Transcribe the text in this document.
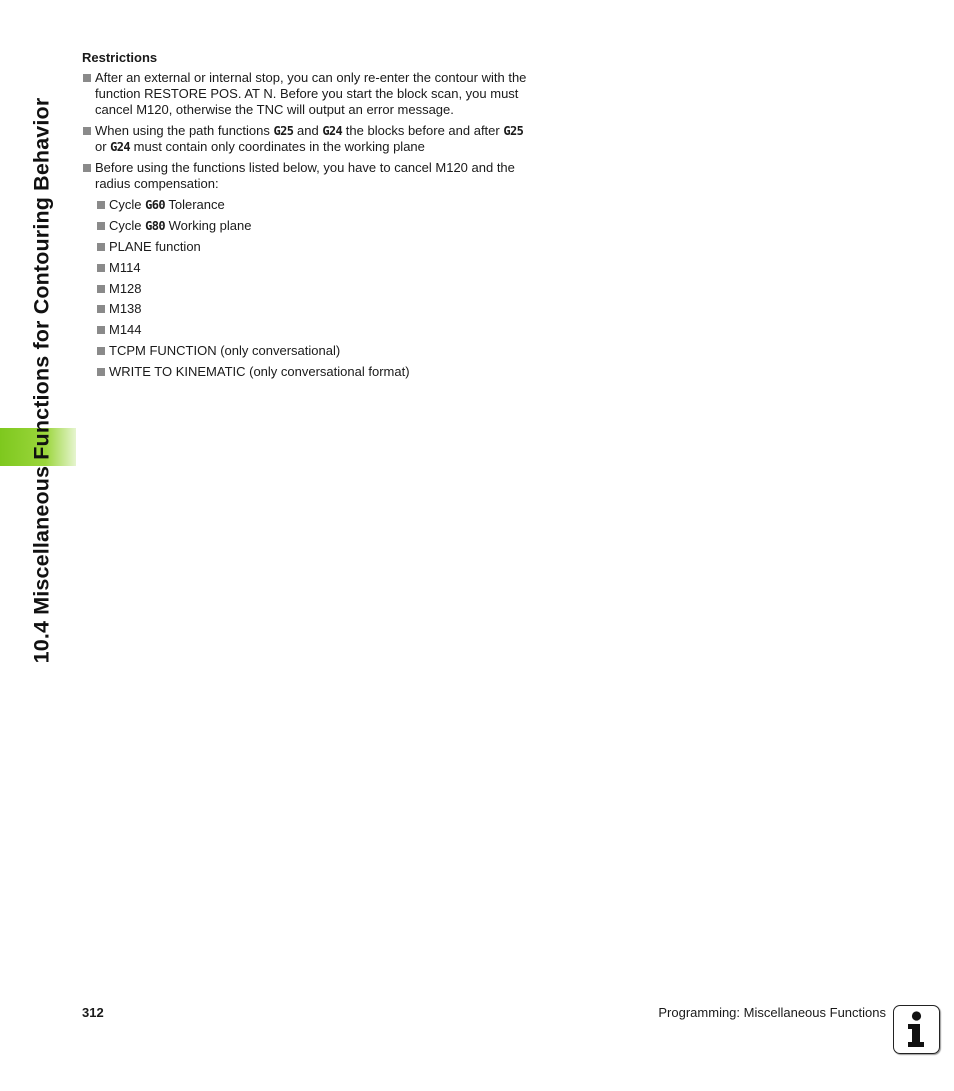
10.4 Miscellaneous Functions for Contouring Behavior
Restrictions
After an external or internal stop, you can only re-enter the contour with the function RESTORE POS. AT N. Before you start the block scan, you must cancel M120, otherwise the TNC will output an error message.
When using the path functions G25 and G24 the blocks before and after G25 or G24 must contain only coordinates in the working plane
Before using the functions listed below, you have to cancel M120 and the radius compensation:
Cycle G60 Tolerance
Cycle G80 Working plane
PLANE function
M114
M128
M138
M144
TCPM FUNCTION (only conversational)
WRITE TO KINEMATIC (only conversational format)
312	Programming: Miscellaneous Functions
